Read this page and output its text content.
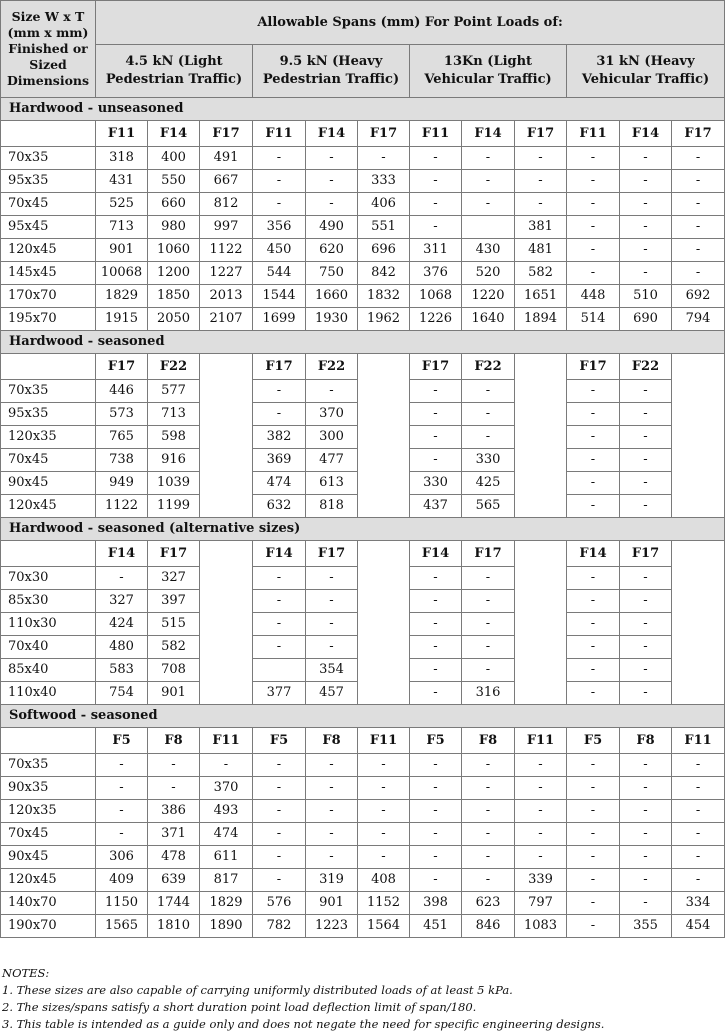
Size W x T (mm x mm) Finished or Sized Dimensions	Allowable Spans (mm) For Point Loads of:											
	4.5 kN (Light Pedestrian Traffic)			9.5 kN (Heavy Pedestrian Traffic)			13Kn (Light Vehicular Traffic)			31 kN (Heavy Vehicular Traffic)		
Hardwood - unseasoned												
	F11	F14	F17	F11	F14	F17	F11	F14	F17	F11	F14	F17
70x35	318	400	491	-	-	-	-	-	-	-	-	-
95x35	431	550	667	-	-	333	-	-	-	-	-	-
70x45	525	660	812	-	-	406	-	-	-	-	-	-
95x45	713	980	997	356	490	551	-		381	-	-	-
120x45	901	1060	1122	450	620	696	311	430	481	-	-	-
145x45	10068	1200	1227	544	750	842	376	520	582	-	-	-
170x70	1829	1850	2013	1544	1660	1832	1068	1220	1651	448	510	692
195x70	1915	2050	2107	1699	1930	1962	1226	1640	1894	514	690	794
Hardwood - seasoned												
	F17	F22		F17	F22		F17	F22		F17	F22	
70x35	446	577		-	-		-	-		-	-	
95x35	573	713		-	370		-	-		-	-	
120x35	765	598		382	300		-	-		-	-	
70x45	738	916		369	477		-	330		-	-	
90x45	949	1039		474	613		330	425		-	-	
120x45	1122	1199		632	818		437	565		-	-	
Hardwood - seasoned (alternative sizes)												
	F14	F17		F14	F17		F14	F17		F14	F17	
70x30	-	327		-	-		-	-		-	-	
85x30	327	397		-	-		-	-		-	-	
110x30	424	515		-	-		-	-		-	-	
70x40	480	582		-	-		-	-		-	-	
85x40	583	708			354		-	-		-	-	
110x40	754	901		377	457		-	316		-	-	
Softwood - seasoned												
	F5	F8	F11	F5	F8	F11	F5	F8	F11	F5	F8	F11
70x35	-	-	-	-	-	-	-	-	-	-	-	-
90x35	-	-	370	-	-	-	-	-	-	-	-	-
120x35	-	386	493	-	-	-	-	-	-	-	-	-
70x45	-	371	474	-	-	-	-	-	-	-	-	-
90x45	306	478	611	-	-	-	-	-	-	-	-	-
120x45	409	639	817	-	319	408	-	-	339	-	-	-
140x70	1150	1744	1829	576	901	1152	398	623	797	-	-	334
190x70	1565	1810	1890	782	1223	1564	451	846	1083	-	355	454
NOTES:
1. These sizes are also capable of carrying uniformly distributed loads of at least 5 kPa.
2. The sizes/spans satisfy a short duration point load deflection limit of span/180.
3. This table is intended as a guide only and does not negate the need for specific engineering designs.
